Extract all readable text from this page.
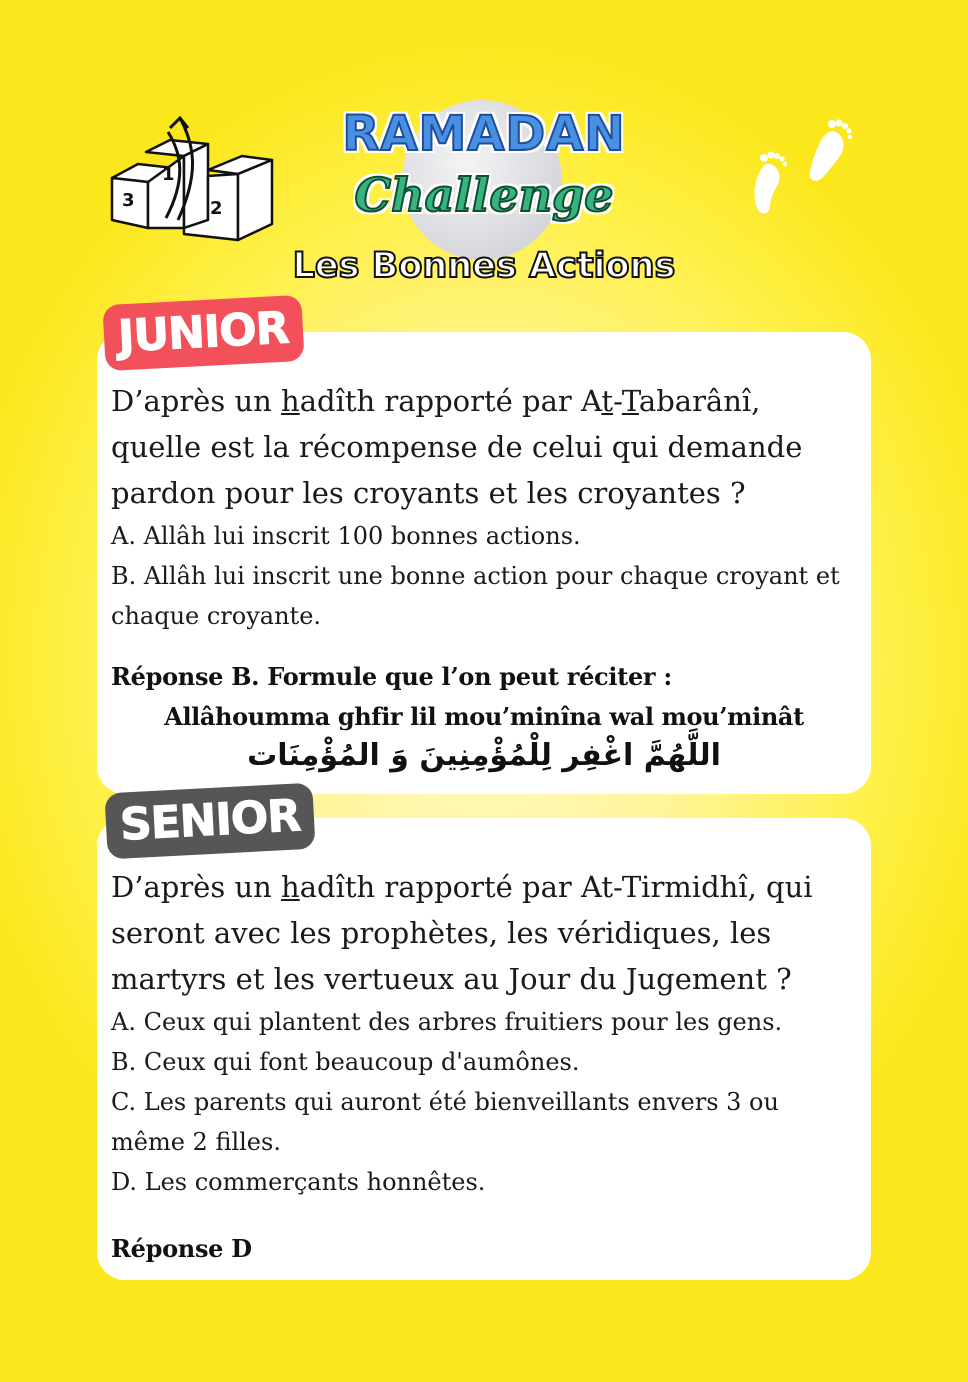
1
2
3
RAMADAN
Challenge
Les Bonnes Actions
D’après un hadîth rapporté par At-Tabarânî, quelle est la récompense de celui qui demande pardon pour les croyants et les croyantes ?
A. Allâh lui inscrit 100 bonnes actions.
B. Allâh lui inscrit une bonne action pour chaque croyant et chaque croyante.
Réponse B. Formule que l’on peut réciter :
Allâhoumma ghfir lil mou’minîna wal mou’minât
اللَّهُمَّ اغْفِر لِلْمُؤْمِنِينَ وَ المُؤْمِنَات
JUNIOR
D’après un hadîth rapporté par At-Tirmidhî, qui seront avec les prophètes, les véridiques, les martyrs et les vertueux au Jour du Jugement ?
A. Ceux qui plantent des arbres fruitiers pour les gens.
B. Ceux qui font beaucoup d'aumônes.
C. Les parents qui auront été bienveillants envers 3 ou même 2 filles.
D. Les commerçants honnêtes.
Réponse D
SENIOR
